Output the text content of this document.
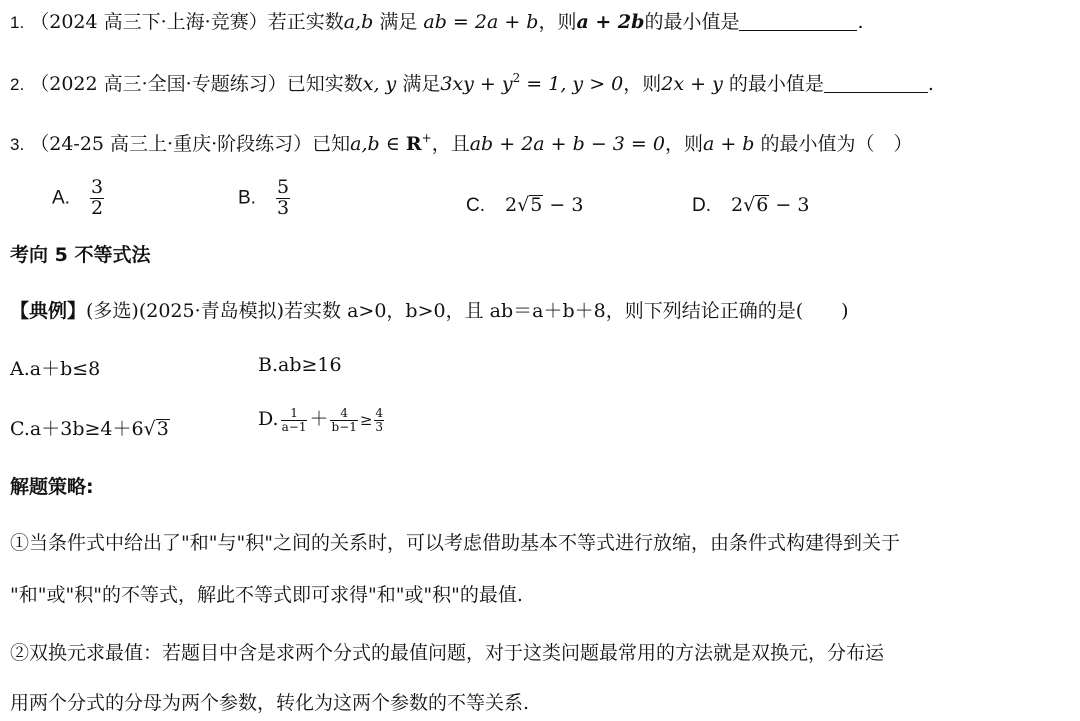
1. （2024 高三下·上海·竞赛）若正实数a,b 满足 ab = 2a + b，则a + 2b的最小值是	.
2. （2022 高三·全国·专题练习）已知实数x, y 满足$3xy + y^2 = 1$, y > 0，则2x + y 的最小值是	.
3. （24-25 高三上·重庆·阶段练习）已知a,b ∈ R+，且ab + 2a + b − 3 = 0，则a + b 的最小值为（　）
A. $\frac{3}{2}$	B. $\frac{5}{3}$	C. 2√5 − 3	D. 2√6 − 3
考向 5 不等式法
【典例】(多选)(2025·青岛模拟)若实数 a>0，b>0，且 ab＝a＋b＋8，则下列结论正确的是(　　)
A.a＋b≤8	B.ab≥16
C.a＋3b≥4＋6√3	D. $\frac{1}{a-1} + \frac{4}{b-1} \ge \frac{4}{3}$
解题策略:
①当条件式中给出了"和"与"积"之间的关系时，可以考虑借助基本不等式进行放缩，由条件式构建得到关于
"和"或"积"的不等式，解此不等式即可求得"和"或"积"的最值.
②双换元求最值：若题目中含是求两个分式的最值问题，对于这类问题最常用的方法就是双换元，分布运
用两个分式的分母为两个参数，转化为这两个参数的不等关系.
